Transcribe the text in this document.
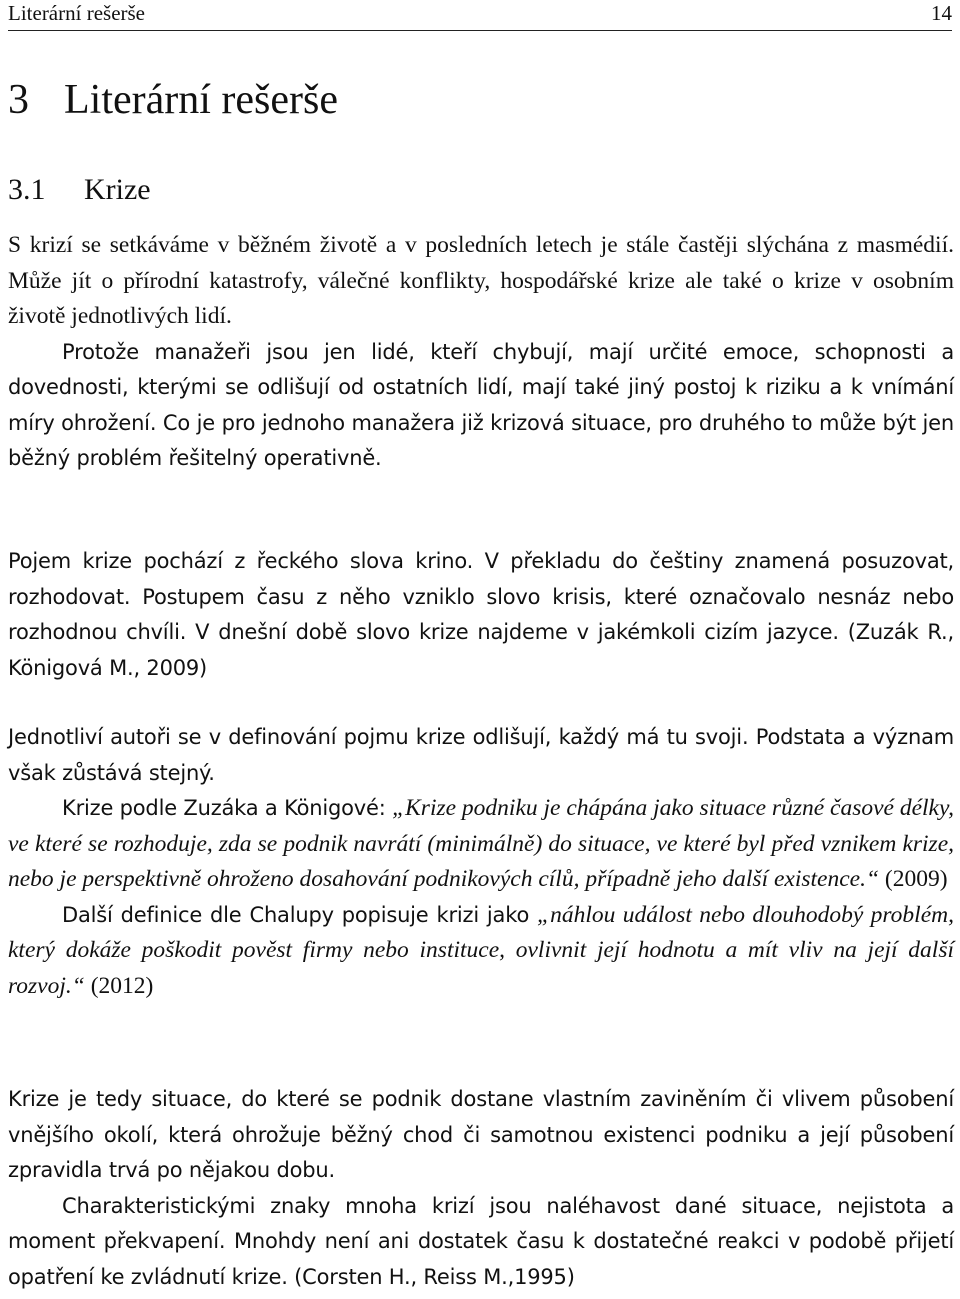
Literární rešerše	14
3 Literární rešerše
3.1 Krize

S krizí se setkáváme v běžném životě a v posledních letech je stále častěji slýchána z masmédií. Může jít o přírodní katastrofy, válečné konflikty, hospodářské krize ale také o krize v osobním životě jednotlivých lidí.

Protože manažeři jsou jen lidé, kteří chybují, mají určité emoce, schopnosti a dovednosti, kterými se odlišují od ostatních lidí, mají také jiný postoj k riziku a k vnímání míry ohrožení. Co je pro jednoho manažera již krizová situace, pro druhého to může být jen běžný problém řešitelný operativně.

Pojem krize pochází z řeckého slova krino. V překladu do češtiny znamená posuzovat, rozhodovat. Postupem času z něho vzniklo slovo krisis, které označovalo nesnáz nebo rozhodnou chvíli. V dnešní době slovo krize najdeme v jakémkoli cizím jazyce. (Zuzák R., Königová M., 2009)

Jednotliví autoři se v definování pojmu krize odlišují, každý má tu svoji. Podstata a význam však zůstává stejný.

Krize podle Zuzáka a Königové: „Krize podniku je chápána jako situace různé časové délky, ve které se rozhoduje, zda se podnik navrátí (minimálně) do situace, ve které byl před vznikem krize, nebo je perspektivně ohroženo dosahování podnikových cílů, případně jeho další existence.“ (2009)

Další definice dle Chalupy popisuje krizi jako „náhlou událost nebo dlouhodobý problém, který dokáže poškodit pověst firmy nebo instituce, ovlivnit její hodnotu a mít vliv na její další rozvoj.“ (2012)

Krize je tedy situace, do které se podnik dostane vlastním zaviněním či vlivem působení vnějšího okolí, která ohrožuje běžný chod či samotnou existenci podniku a její působení zpravidla trvá po nějakou dobu.

Charakteristickými znaky mnoha krizí jsou naléhavost dané situace, nejistota a moment překvapení. Mnohdy není ani dostatek času k dostatečné reakci v podobě přijetí opatření ke zvládnutí krize. (Corsten H., Reiss M.,1995)
